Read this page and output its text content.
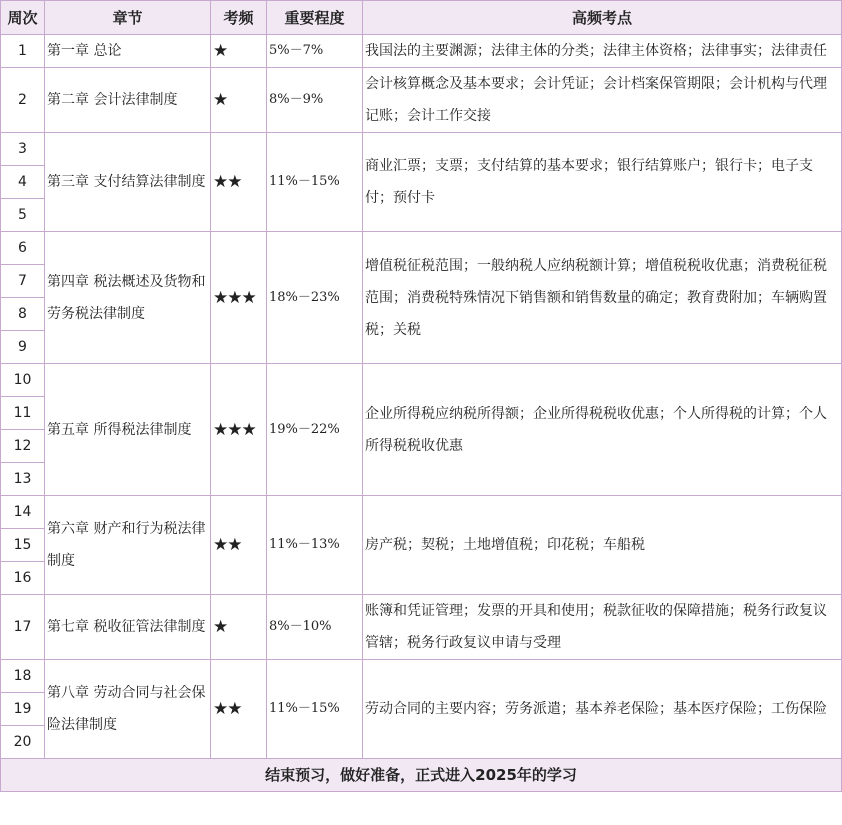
周次	章节	考频	重要程度	高频考点
1	第一章 总论	★	5%－7%	我国法的主要渊源；法律主体的分类；法律主体资格；法律事实；法律责任
2	第二章 会计法律制度	★	8%－9%	会计核算概念及基本要求；会计凭证；会计档案保管期限；会计机构与代理记账；会计工作交接
3	第三章 支付结算法律制度	★★	11%－15%	商业汇票；支票；支付结算的基本要求；银行结算账户；银行卡；电子支付；预付卡
4				
5				
6	第四章 税法概述及货物和劳务税法律制度	★★★	18%－23%	增值税征税范围；一般纳税人应纳税额计算；增值税税收优惠；消费税征税范围；消费税特殊情况下销售额和销售数量的确定；教育费附加；车辆购置税；关税
7				
8				
9				
10	第五章 所得税法律制度	★★★	19%－22%	企业所得税应纳税所得额；企业所得税税收优惠；个人所得税的计算；个人所得税税收优惠
11				
12				
13				
14	第六章 财产和行为税法律制度	★★	11%－13%	房产税；契税；土地增值税；印花税；车船税
15				
16				
17	第七章 税收征管法律制度	★	8%－10%	账簿和凭证管理；发票的开具和使用；税款征收的保障措施；税务行政复议管辖；税务行政复议申请与受理
18	第八章 劳动合同与社会保险法律制度	★★	11%－15%	劳动合同的主要内容；劳务派遣；基本养老保险；基本医疗保险；工伤保险
19				
20				
结束预习，做好准备，正式进入2025年的学习				
